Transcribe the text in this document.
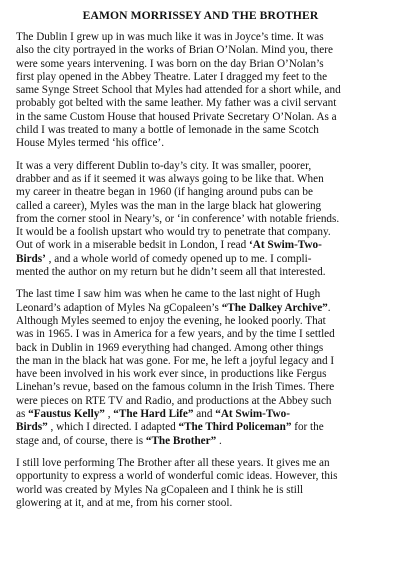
EAMON MORRISSEY AND THE BROTHER
The Dublin I grew up in was much like it was in Joyce’s time. It was
also the city portrayed in the works of Brian O’Nolan. Mind you, there
were some years intervening. I was born on the day Brian O’Nolan’s
first play opened in the Abbey Theatre. Later I dragged my feet to the
same Synge Street School that Myles had attended for a short while, and
probably got belted with the same leather. My father was a civil servant
in the same Custom House that housed Private Secretary O’Nolan. As a
child I was treated to many a bottle of lemonade in the same Scotch
House Myles termed ‘his office’.
It was a very different Dublin to-day’s city. It was smaller, poorer,
drabber and as if it seemed it was always going to be like that. When
my career in theatre began in 1960 (if hanging around pubs can be
called a career), Myles was the man in the large black hat glowering
from the corner stool in Neary’s, or ‘in conference’ with notable friends.
It would be a foolish upstart who would try to penetrate that company.
Out of work in a miserable bedsit in London, I read ‘At Swim-Two-
Birds’ , and a whole world of comedy opened up to me. I compli-
mented the author on my return but he didn’t seem all that interested.
The last time I saw him was when he came to the last night of Hugh
Leonard’s adaption of Myles Na gCopaleen’s “The Dalkey Archive”.
Although Myles seemed to enjoy the evening, he looked poorly. That
was in 1965. I was in America for a few years, and by the time I settled
back in Dublin in 1969 everything had changed. Among other things
the man in the black hat was gone. For me, he left a joyful legacy and I
have been involved in his work ever since, in productions like Fergus
Linehan’s revue, based on the famous column in the Irish Times. There
were pieces on RTE TV and Radio, and productions at the Abbey such
as “Faustus Kelly” , “The Hard Life” and “At Swim-Two-
Birds” , which I directed. I adapted “The Third Policeman” for the
stage and, of course, there is “The Brother” .
I still love performing The Brother after all these years. It gives me an
opportunity to express a world of wonderful comic ideas. However, this
world was created by Myles Na gCopaleen and I think he is still
glowering at it, and at me, from his corner stool.
